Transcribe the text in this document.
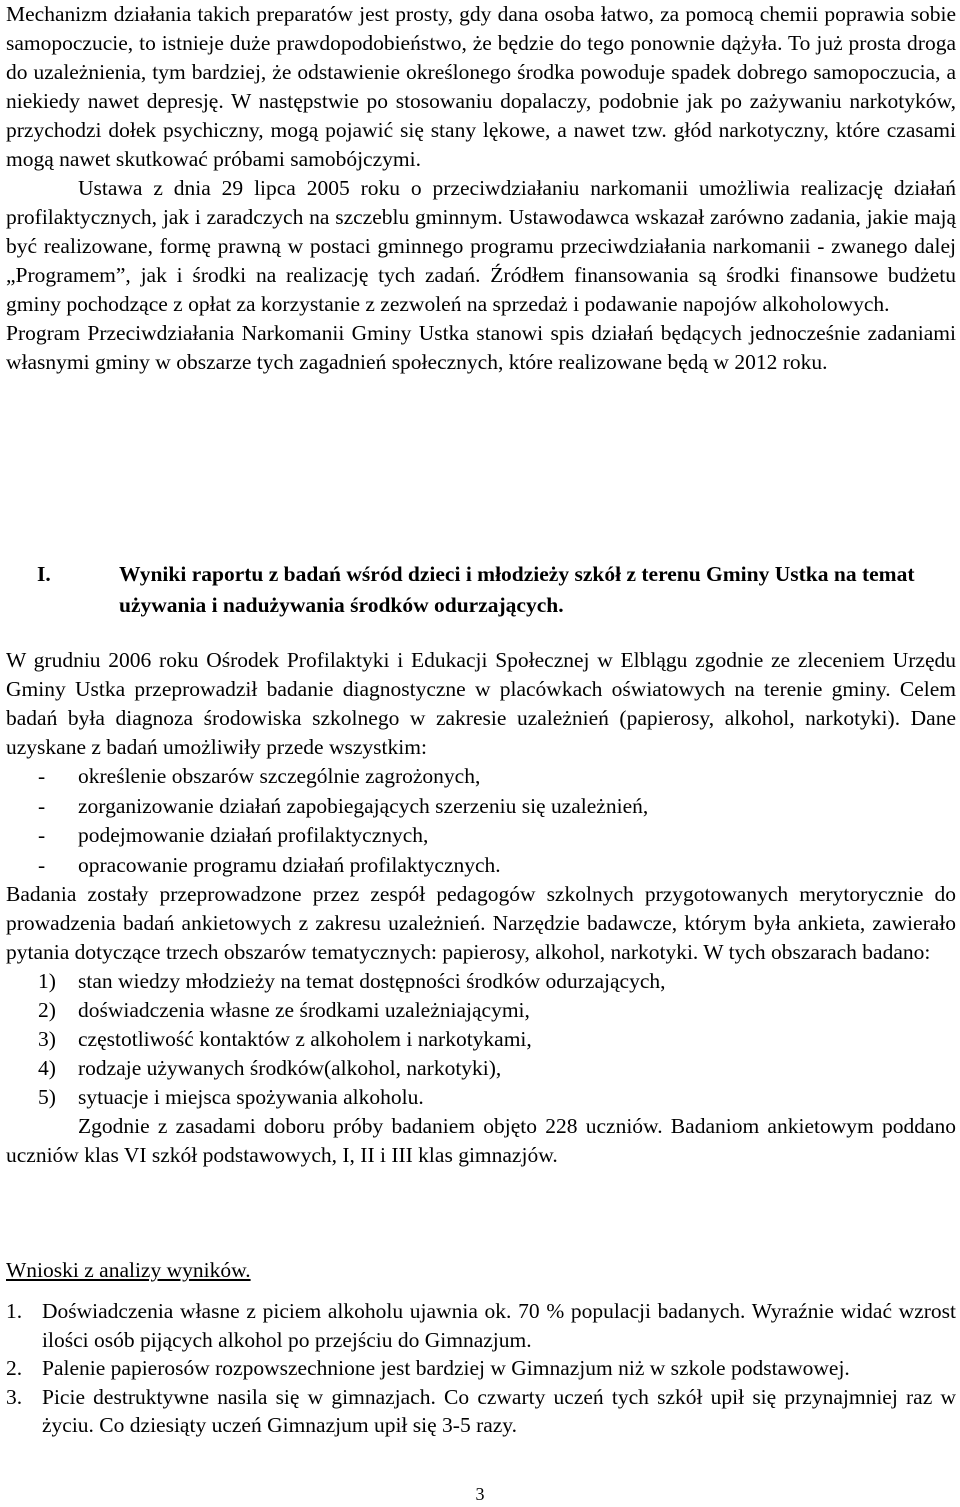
Mechanizm działania takich preparatów jest prosty, gdy dana osoba łatwo, za pomocą chemii poprawia sobie samopoczucie, to istnieje duże prawdopodobieństwo, że będzie do tego ponownie dążyła. To już prosta droga do uzależnienia, tym bardziej, że odstawienie określonego środka powoduje spadek dobrego samopoczucia, a niekiedy nawet depresję. W następstwie po stosowaniu dopalaczy, podobnie jak po zażywaniu narkotyków, przychodzi dołek psychiczny, mogą pojawić się stany lękowe, a nawet tzw. głód narkotyczny, które czasami mogą nawet skutkować próbami samobójczymi.

Ustawa z dnia 29 lipca 2005 roku o przeciwdziałaniu narkomanii umożliwia realizację działań profilaktycznych, jak i zaradczych na szczeblu gminnym. Ustawodawca wskazał zarówno zadania, jakie mają być realizowane, formę prawną w postaci gminnego programu przeciwdziałania narkomanii - zwanego dalej „Programem”, jak i środki na realizację tych zadań. Źródłem finansowania są środki finansowe budżetu gminy pochodzące z opłat za korzystanie z zezwoleń na sprzedaż i podawanie napojów alkoholowych.

Program Przeciwdziałania Narkomanii Gminy Ustka stanowi spis działań będących jednocześnie zadaniami własnymi gminy w obszarze tych zagadnień społecznych, które realizowane będą w 2012 roku.

I.	Wyniki raportu z badań wśród dzieci i młodzieży szkół z terenu Gminy Ustka na temat używania i nadużywania środków odurzających.

W grudniu 2006 roku Ośrodek Profilaktyki i Edukacji Społecznej w Elblągu zgodnie ze zleceniem Urzędu Gminy Ustka przeprowadził badanie diagnostyczne w placówkach oświatowych na terenie gminy. Celem badań była diagnoza środowiska szkolnego w zakresie uzależnień (papierosy, alkohol, narkotyki). Dane uzyskane z badań umożliwiły przede wszystkim:

- określenie obszarów szczególnie zagrożonych,
- zorganizowanie działań zapobiegających szerzeniu się uzależnień,
- podejmowanie działań profilaktycznych,
- opracowanie programu działań profilaktycznych.

Badania zostały przeprowadzone przez zespół pedagogów szkolnych przygotowanych merytorycznie do prowadzenia badań ankietowych z zakresu uzależnień. Narzędzie badawcze, którym była ankieta, zawierało pytania dotyczące trzech obszarów tematycznych: papierosy, alkohol, narkotyki. W tych obszarach badano:

1) stan wiedzy młodzieży na temat dostępności środków odurzających,
2) doświadczenia własne ze środkami uzależniającymi,
3) częstotliwość kontaktów z alkoholem i narkotykami,
4) rodzaje używanych środków(alkohol, narkotyki),
5) sytuacje i miejsca spożywania alkoholu.

Zgodnie z zasadami doboru próby badaniem objęto 228 uczniów. Badaniom ankietowym poddano uczniów klas VI szkół podstawowych, I, II i III klas gimnazjów.

Wnioski z analizy wyników.

1. Doświadczenia własne z piciem alkoholu ujawnia ok. 70 % populacji badanych. Wyraźnie widać wzrost ilości osób pijących alkohol po przejściu do Gimnazjum.
2. Palenie papierosów rozpowszechnione jest bardziej w Gimnazjum niż w szkole podstawowej.
3. Picie destruktywne nasila się w gimnazjach. Co czwarty uczeń tych szkół upił się przynajmniej raz w życiu. Co dziesiąty uczeń Gimnazjum upił się 3-5 razy.
3
